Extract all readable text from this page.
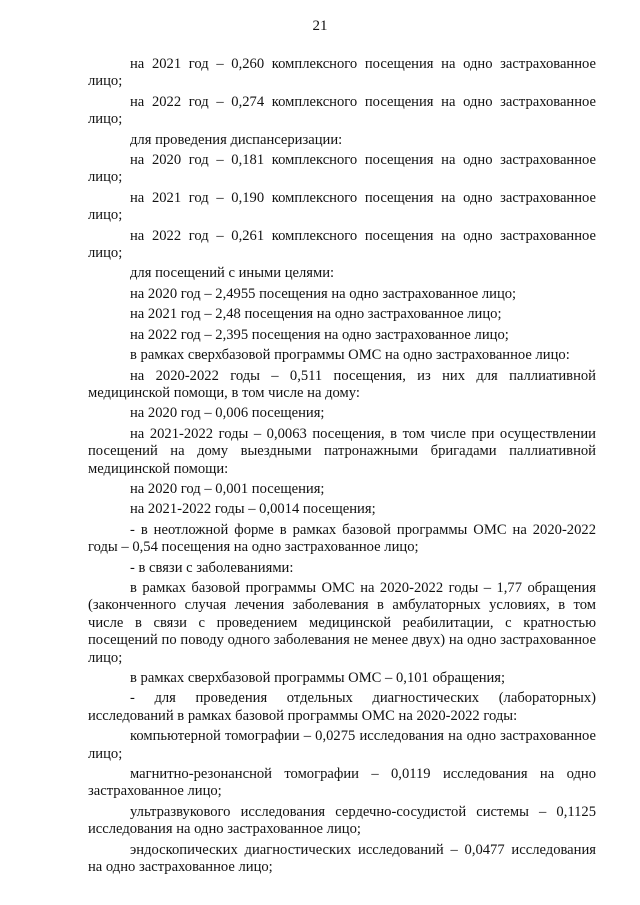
21

на 2021 год – 0,260 комплексного посещения на одно застрахованное лицо;

на 2022 год – 0,274 комплексного посещения на одно застрахованное лицо;

для проведения диспансеризации:

на 2020 год – 0,181 комплексного посещения на одно застрахованное лицо;

на 2021 год – 0,190 комплексного посещения на одно застрахованное лицо;

на 2022 год – 0,261 комплексного посещения на одно застрахованное лицо;

для посещений с иными целями:

на 2020 год – 2,4955 посещения на одно застрахованное лицо;

на 2021 год – 2,48 посещения на одно застрахованное лицо;

на 2022 год – 2,395 посещения на одно застрахованное лицо;

в рамках сверхбазовой программы ОМС на одно застрахованное лицо:

на 2020-2022 годы – 0,511 посещения, из них для паллиативной медицинской помощи, в том числе на дому:

на 2020 год – 0,006 посещения;

на 2021-2022 годы – 0,0063 посещения, в том числе при осуществлении посещений на дому выездными патронажными бригадами паллиативной медицинской помощи:

на 2020 год – 0,001 посещения;

на 2021-2022 годы – 0,0014 посещения;

- в неотложной форме в рамках базовой программы ОМС на 2020-2022 годы – 0,54 посещения на одно застрахованное лицо;

- в связи с заболеваниями:

в рамках базовой программы ОМС на 2020-2022 годы – 1,77 обращения (законченного случая лечения заболевания в амбулаторных условиях, в том числе в связи с проведением медицинской реабилитации, с кратностью посещений по поводу одного заболевания не менее двух) на одно застрахованное лицо;

в рамках сверхбазовой программы ОМС – 0,101 обращения;

- для проведения отдельных диагностических (лабораторных) исследований в рамках базовой программы ОМС на 2020-2022 годы:

компьютерной томографии – 0,0275 исследования на одно застрахованное лицо;

магнитно-резонансной томографии – 0,0119 исследования на одно застрахованное лицо;

ультразвукового исследования сердечно-сосудистой системы – 0,1125 исследования на одно застрахованное лицо;

эндоскопических диагностических исследований – 0,0477 исследования на одно застрахованное лицо;
